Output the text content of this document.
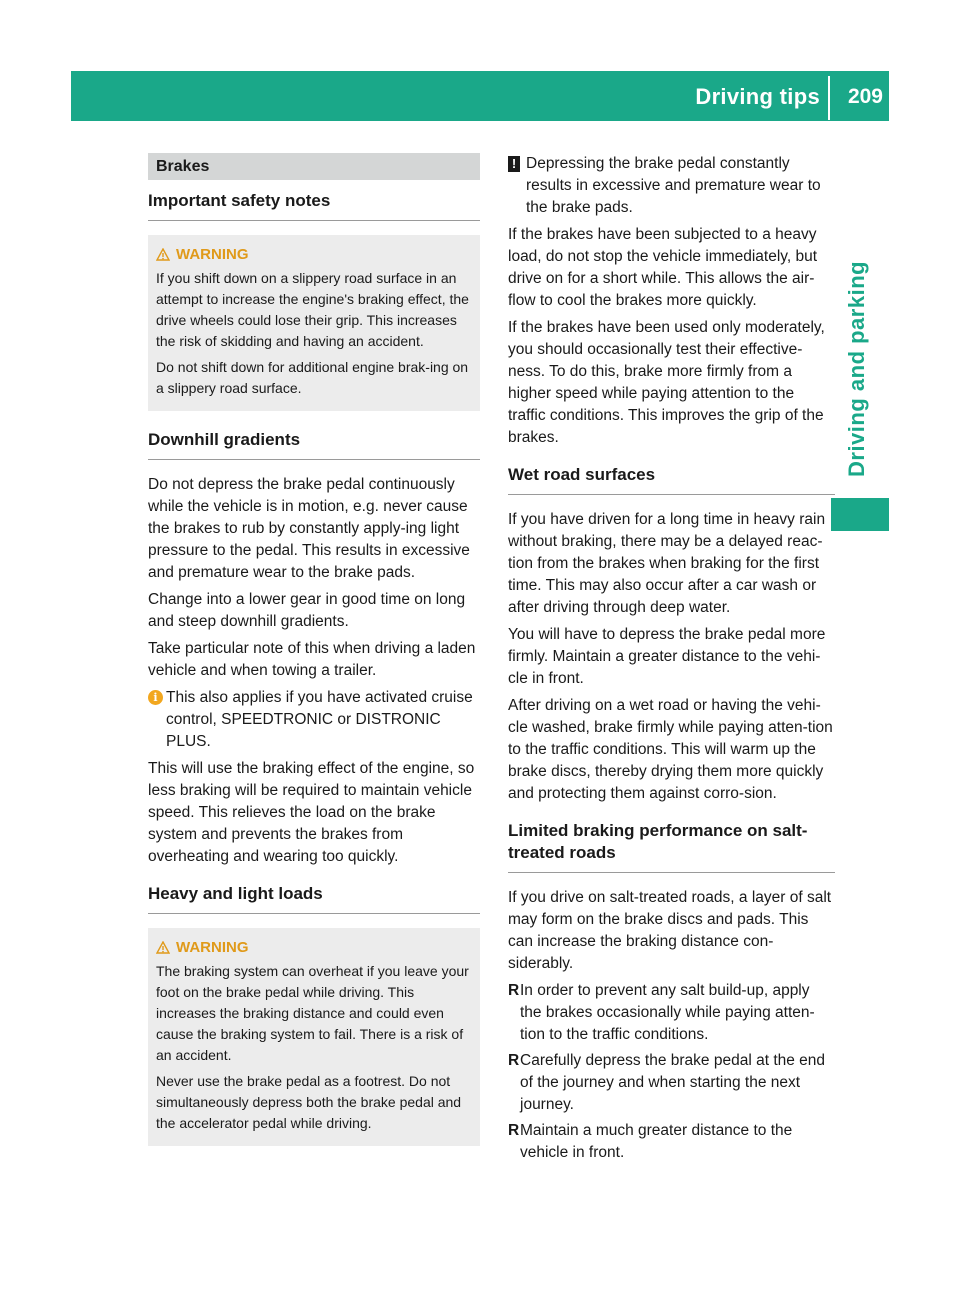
Driving tips 209
Driving and parking
Brakes
Important safety notes
WARNING

If you shift down on a slippery road surface in an attempt to increase the engine's braking effect, the drive wheels could lose their grip. This increases the risk of skidding and having an accident.

Do not shift down for additional engine brak-ing on a slippery road surface.

Downhill gradients

Do not depress the brake pedal continuously while the vehicle is in motion, e.g. never cause the brakes to rub by constantly apply-ing light pressure to the pedal. This results in excessive and premature wear to the brake pads.

Change into a lower gear in good time on long and steep downhill gradients.

Take particular note of this when driving a laden vehicle and when towing a trailer.

i This also applies if you have activated cruise control, SPEEDTRONIC or DISTRONIC PLUS.

This will use the braking effect of the engine, so less braking will be required to maintain vehicle speed. This relieves the load on the brake system and prevents the brakes from overheating and wearing too quickly.

Heavy and light loads
WARNING

The braking system can overheat if you leave your foot on the brake pedal while driving. This increases the braking distance and could even cause the braking system to fail. There is a risk of an accident.

Never use the brake pedal as a footrest. Do not simultaneously depress both the brake pedal and the accelerator pedal while driving.

! Depressing the brake pedal constantly results in excessive and premature wear to the brake pads.

If the brakes have been subjected to a heavy load, do not stop the vehicle immediately, but drive on for a short while. This allows the air-flow to cool the brakes more quickly.

If the brakes have been used only moderately, you should occasionally test their effective-ness. To do this, brake more firmly from a higher speed while paying attention to the traffic conditions. This improves the grip of the brakes.

Wet road surfaces

If you have driven for a long time in heavy rain without braking, there may be a delayed reac-tion from the brakes when braking for the first time. This may also occur after a car wash or after driving through deep water.

You will have to depress the brake pedal more firmly. Maintain a greater distance to the vehi-cle in front.

After driving on a wet road or having the vehi-cle washed, brake firmly while paying atten-tion to the traffic conditions. This will warm up the brake discs, thereby drying them more quickly and protecting them against corro-sion.

Limited braking performance on salt-treated roads

If you drive on salt-treated roads, a layer of salt may form on the brake discs and pads. This can increase the braking distance con-siderably.

R In order to prevent any salt build-up, apply the brakes occasionally while paying atten-tion to the traffic conditions.
R Carefully depress the brake pedal at the end of the journey and when starting the next journey.
R Maintain a much greater distance to the vehicle in front.
